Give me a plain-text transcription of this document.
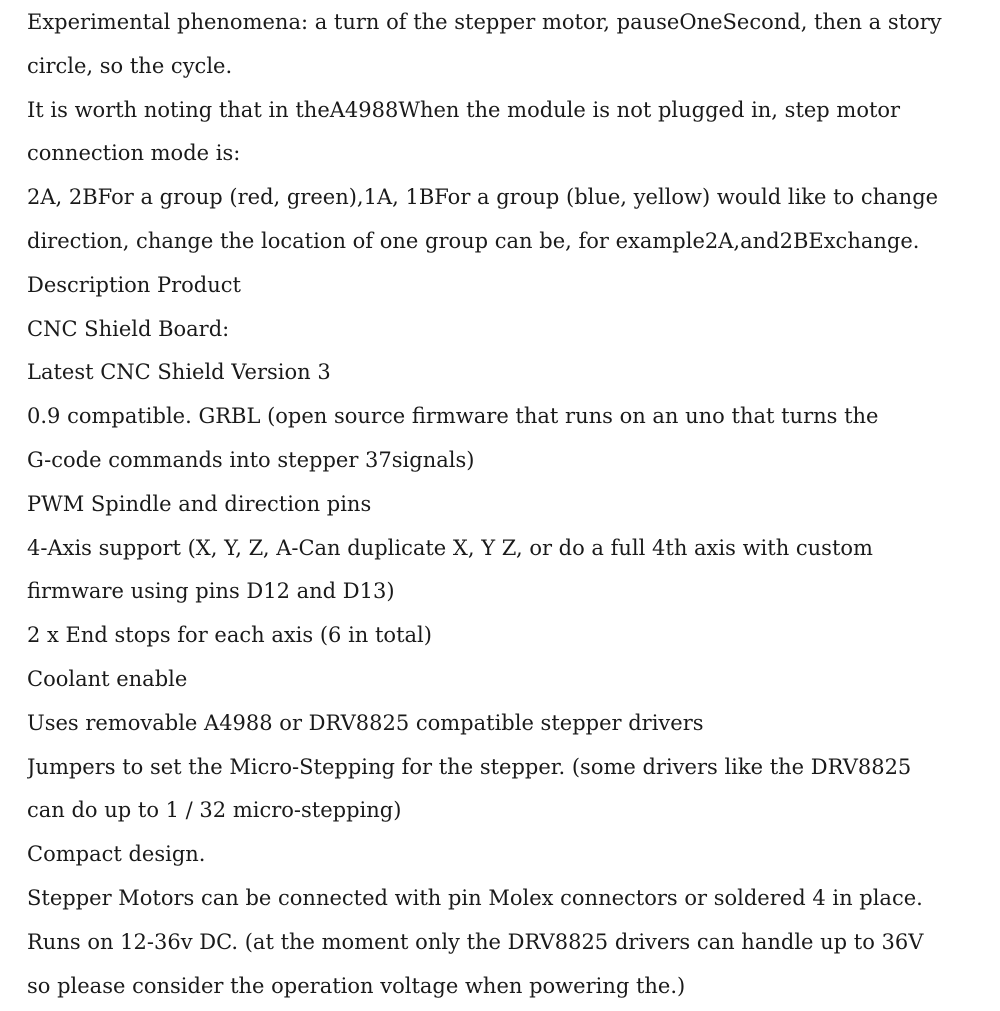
Experimental phenomena: a turn of the stepper motor, pauseOneSecond, then a story
circle, so the cycle.
It is worth noting that in theA4988When the module is not plugged in, step motor
connection mode is:
2A, 2BFor a group (red, green),1A, 1BFor a group (blue, yellow) would like to change
direction, change the location of one group can be, for example2A,and2BExchange.
Description Product
CNC Shield Board:
Latest CNC Shield Version 3
0.9 compatible. GRBL (open source firmware that runs on an uno that turns the
G-code commands into stepper 37signals)
PWM Spindle and direction pins
4-Axis support (X, Y, Z, A-Can duplicate X, Y Z, or do a full 4th axis with custom
firmware using pins D12 and D13)
2 x End stops for each axis (6 in total)
Coolant enable
Uses removable A4988 or DRV8825 compatible stepper drivers
Jumpers to set the Micro-Stepping for the stepper. (some drivers like the DRV8825
can do up to 1 / 32 micro-stepping)
Compact design.
Stepper Motors can be connected with pin Molex connectors or soldered 4 in place.
Runs on 12-36v DC. (at the moment only the DRV8825 drivers can handle up to 36V
so please consider the operation voltage when powering the.)
